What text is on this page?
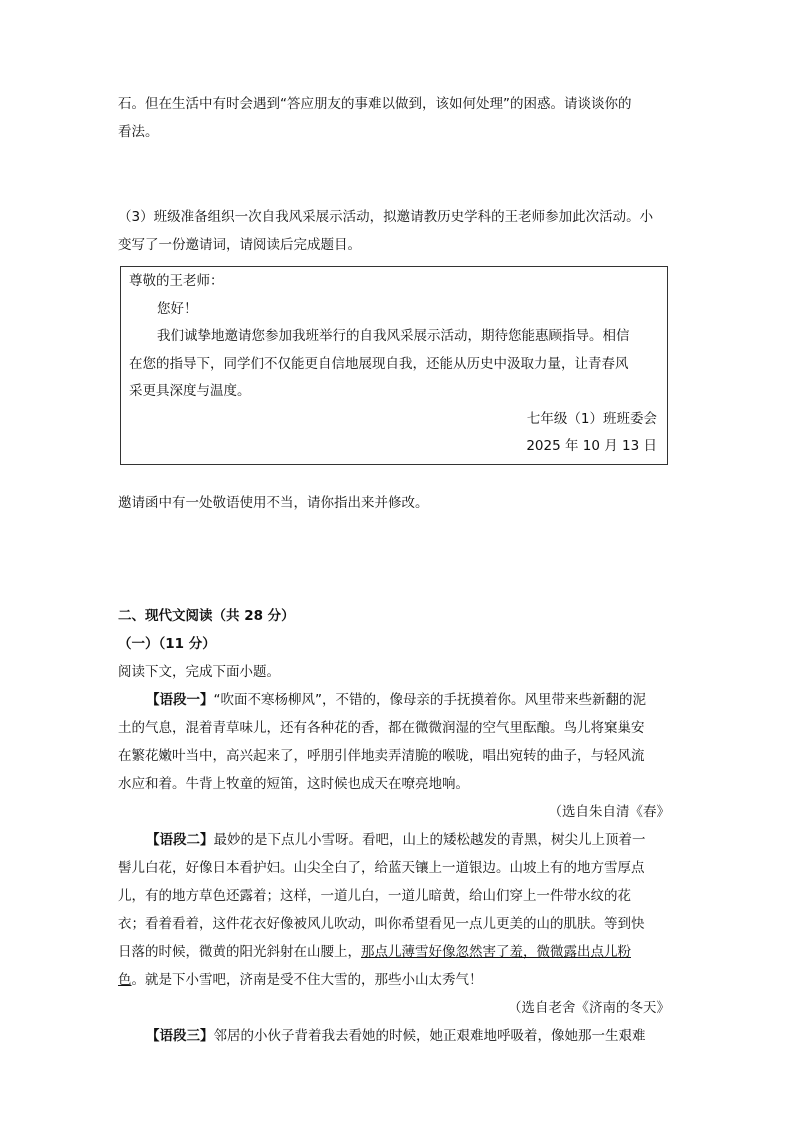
石。但在生活中有时会遇到“答应朋友的事难以做到，该如何处理”的困惑。请谈谈你的
看法。
（3）班级准备组织一次自我风采展示活动，拟邀请教历史学科的王老师参加此次活动。小
变写了一份邀请词，请阅读后完成题目。
尊敬的王老师：
您好！
我们诚挚地邀请您参加我班举行的自我风采展示活动，期待您能惠顾指导。相信
在您的指导下，同学们不仅能更自信地展现自我，还能从历史中汲取力量，让青春风
采更具深度与温度。
七年级（1）班班委会
2025 年 10 月 13 日
邀请函中有一处敬语使用不当，请你指出来并修改。
二、现代文阅读（共 28 分）
（一）（11 分）
阅读下文，完成下面小题。
【语段一】“吹面不寒杨柳风”，不错的，像母亲的手抚摸着你。风里带来些新翻的泥
土的气息，混着青草味儿，还有各种花的香，都在微微润湿的空气里酝酿。鸟儿将窠巢安
在繁花嫩叶当中，高兴起来了，呼朋引伴地卖弄清脆的喉咙，唱出宛转的曲子，与轻风流
水应和着。牛背上牧童的短笛，这时候也成天在嘹亮地响。
（选自朱自清《春》
【语段二】最妙的是下点儿小雪呀。看吧，山上的矮松越发的青黑，树尖儿上顶着一
髻儿白花，好像日本看护妇。山尖全白了，给蓝天镶上一道银边。山坡上有的地方雪厚点
儿，有的地方草色还露着；这样，一道儿白，一道儿暗黄，给山们穿上一件带水纹的花
衣；看着看着，这件花衣好像被风儿吹动，叫你希望看见一点儿更美的山的肌肤。等到快
日落的时候，微黄的阳光斜射在山腰上，那点儿薄雪好像忽然害了羞，微微露出点儿粉
色。就是下小雪吧，济南是受不住大雪的，那些小山太秀气！
（选自老舍《济南的冬天》
【语段三】邻居的小伙子背着我去看她的时候，她正艰难地呼吸着，像她那一生艰难
